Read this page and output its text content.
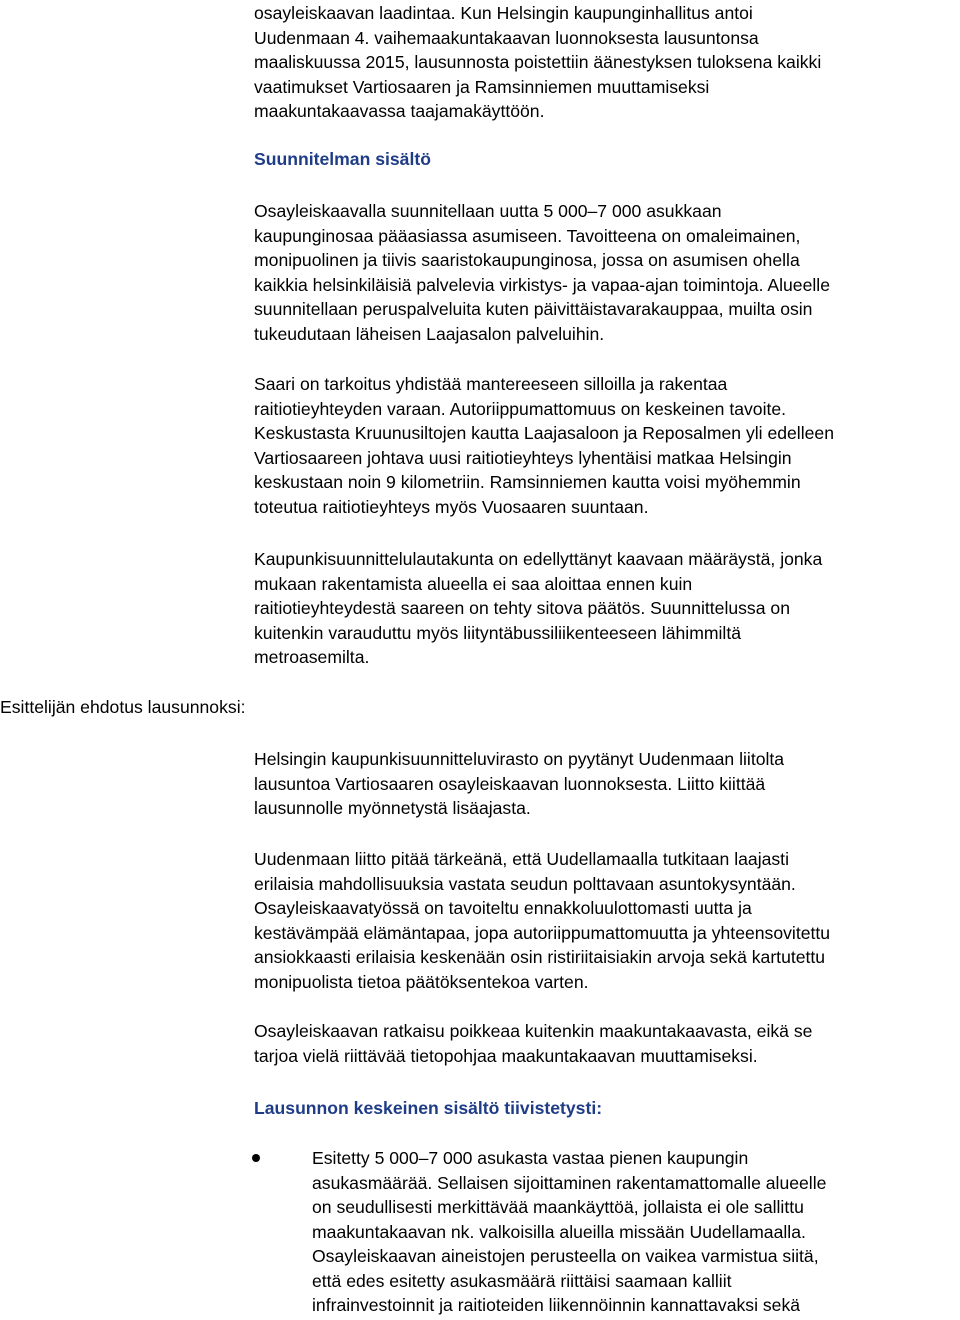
osayleiskaavan laadintaa. Kun Helsingin kaupunginhallitus antoi
Uudenmaan 4. vaihemaakuntakaavan luonnoksesta lausuntonsa
maaliskuussa 2015, lausunnosta poistettiin äänestyksen tuloksena kaikki
vaatimukset Vartiosaaren ja Ramsinniemen muuttamiseksi
maakuntakaavassa taajamakäyttöön.

Suunnitelman sisältö

Osayleiskaavalla suunnitellaan uutta 5 000–7 000 asukkaan
kaupunginosaa pääasiassa asumiseen. Tavoitteena on omaleimainen,
monipuolinen ja tiivis saaristokaupunginosa, jossa on asumisen ohella
kaikkia helsinkiläisiä palvelevia virkistys- ja vapaa-ajan toimintoja. Alueelle
suunnitellaan peruspalveluita kuten päivittäistavarakauppaa, muilta osin
tukeudutaan läheisen Laajasalon palveluihin.

Saari on tarkoitus yhdistää mantereeseen silloilla ja rakentaa
raitiotieyhteyden varaan. Autoriippumattomuus on keskeinen tavoite.
Keskustasta Kruunusiltojen kautta Laajasaloon ja Reposalmen yli edelleen
Vartiosaareen johtava uusi raitiotieyhteys lyhentäisi matkaa Helsingin
keskustaan noin 9 kilometriin. Ramsinniemen kautta voisi myöhemmin
toteutua raitiotieyhteys myös Vuosaaren suuntaan.

Kaupunkisuunnittelulautakunta on edellyttänyt kaavaan määräystä, jonka
mukaan rakentamista alueella ei saa aloittaa ennen kuin
raitiotieyhteydestä saareen on tehty sitova päätös. Suunnittelussa on
kuitenkin varauduttu myös liityntäbussiliikenteeseen lähimmiltä
metroasemilta.

Esittelijän ehdotus lausunnoksi:

Helsingin kaupunkisuunnitteluvirasto on pyytänyt Uudenmaan liitolta
lausuntoa Vartiosaaren osayleiskaavan luonnoksesta. Liitto kiittää
lausunnolle myönnetystä lisäajasta.

Uudenmaan liitto pitää tärkeänä, että Uudellamaalla tutkitaan laajasti
erilaisia mahdollisuuksia vastata seudun polttavaan asuntokysyntään.
Osayleiskaavatyössä on tavoiteltu ennakkoluulottomasti uutta ja
kestävämpää elämäntapaa, jopa autoriippumattomuutta ja yhteensovitettu
ansiokkaasti erilaisia keskenään osin ristiriitaisiakin arvoja sekä kartutettu
monipuolista tietoa päätöksentekoa varten.

Osayleiskaavan ratkaisu poikkeaa kuitenkin maakuntakaavasta, eikä se
tarjoa vielä riittävää tietopohjaa maakuntakaavan muuttamiseksi.

Lausunnon keskeinen sisältö tiivistetysti:

Esitetty 5 000–7 000 asukasta vastaa pienen kaupungin
asukasmäärää. Sellaisen sijoittaminen rakentamattomalle alueelle
on seudullisesti merkittävää maankäyttöä, jollaista ei ole sallittu
maakuntakaavan nk. valkoisilla alueilla missään Uudellamaalla.
Osayleiskaavan aineistojen perusteella on vaikea varmistua siitä,
että edes esitetty asukasmäärä riittäisi saamaan kalliit
infrainvestoinnit ja raitioteiden liikennöinnin kannattavaksi sekä
